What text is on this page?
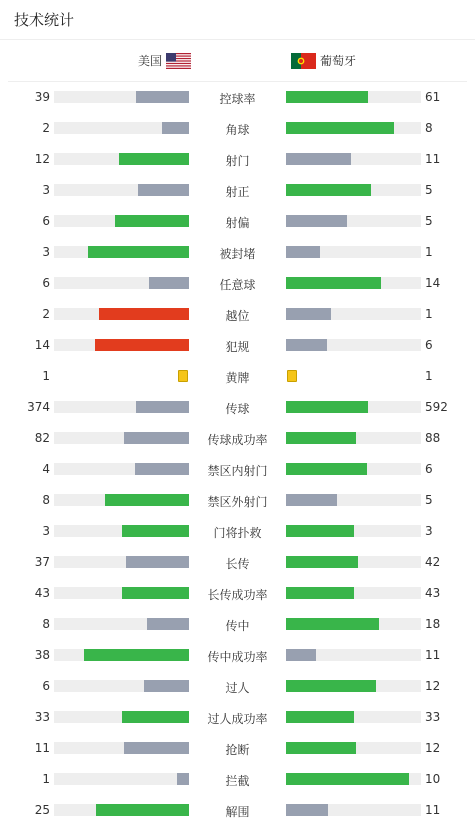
技术统计
美国	葡萄牙
39	控球率	61
2	角球	8
12	射门	11
3	射正	5
6	射偏	5
3	被封堵	1
6	任意球	14
2	越位	1
14	犯规	6
1	黄牌	1
374	传球	592
82	传球成功率	88
4	禁区内射门	6
8	禁区外射门	5
3	门将扑救	3
37	长传	42
43	长传成功率	43
8	传中	18
38	传中成功率	11
6	过人	12
33	过人成功率	33
11	抢断	12
1	拦截	10
25	解围	11
